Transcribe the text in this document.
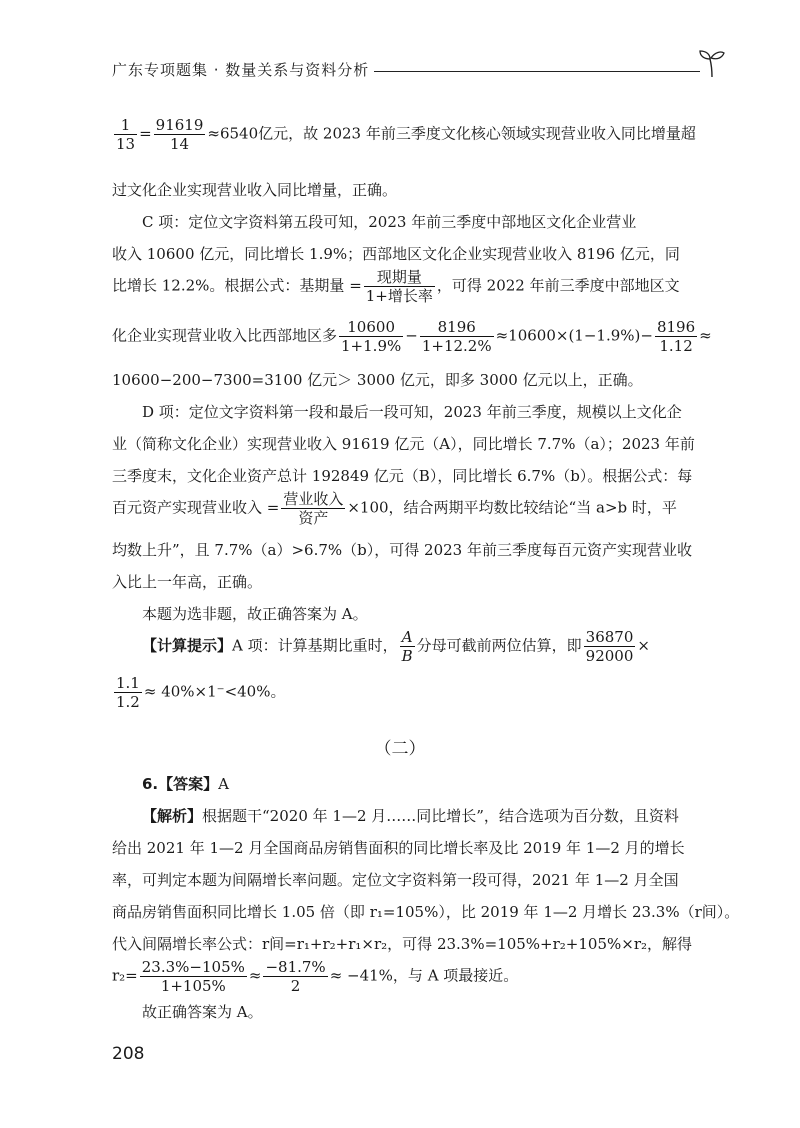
广东专项题集 · 数量关系与资料分析
$\frac{1}{13} = \frac{91619}{14} \approx 6540$亿元，故 2023 年前三季度文化核心领域实现营业收入同比增量超
过文化企业实现营业收入同比增量，正确。
C 项：定位文字资料第五段可知，2023 年前三季度中部地区文化企业营业
收入 10600 亿元，同比增长 1.9%；西部地区文化企业实现营业收入 8196 亿元，同
比增长 12.2%。根据公式：基期量 = $\frac{\text{现期量}}{\text{1+增长率}}$ ，可得 2022 年前三季度中部地区文
化企业实现营业收入比西部地区多 $\frac{10600}{1+1.9\%} - \frac{8196}{1+12.2\%} \approx 10600\times(1-1.9\%)- \frac{8196}{1.12}$ ≈
10600−200−7300=3100 亿元＞ 3000 亿元，即多 3000 亿元以上，正确。
D 项：定位文字资料第一段和最后一段可知，2023 年前三季度，规模以上文化企
业（简称文化企业）实现营业收入 91619 亿元（A），同比增长 7.7%（a）；2023 年前
三季度末，文化企业资产总计 192849 亿元（B），同比增长 6.7%（b）。根据公式：每
百元资产实现营业收入 = $\frac{\text{营业收入}}{\text{资产}} \times 100$，结合两期平均数比较结论“当 a>b 时，平
均数上升”，且 7.7%（a）>6.7%（b），可得 2023 年前三季度每百元资产实现营业收
入比上一年高，正确。
本题为选非题，故正确答案为 A。
【计算提示】A 项：计算基期比重时， $\frac{A}{B}$ 分母可截前两位估算，即 $\frac{36870}{92000}$ ×
$\frac{1.1}{1.2} \approx 40\%\times 1^-<40\%$。
（二）
6.【答案】A
【解析】根据题干“2020 年 1—2 月……同比增长”，结合选项为百分数，且资料
给出 2021 年 1—2 月全国商品房销售面积的同比增长率及比 2019 年 1—2 月的增长
率，可判定本题为间隔增长率问题。定位文字资料第一段可得，2021 年 1—2 月全国
商品房销售面积同比增长 1.05 倍（即 r₁=105%），比 2019 年 1—2 月增长 23.3%（r间）。
代入间隔增长率公式：r间=r₁+r₂+r₁×r₂，可得 23.3%=105%+r₂+105%×r₂，解得
$r_2= \frac{23.3\%-105\%}{1+105\%} \approx \frac{-81.7\%}{2} \approx -41\%$，与 A 项最接近。
故正确答案为 A。
208
